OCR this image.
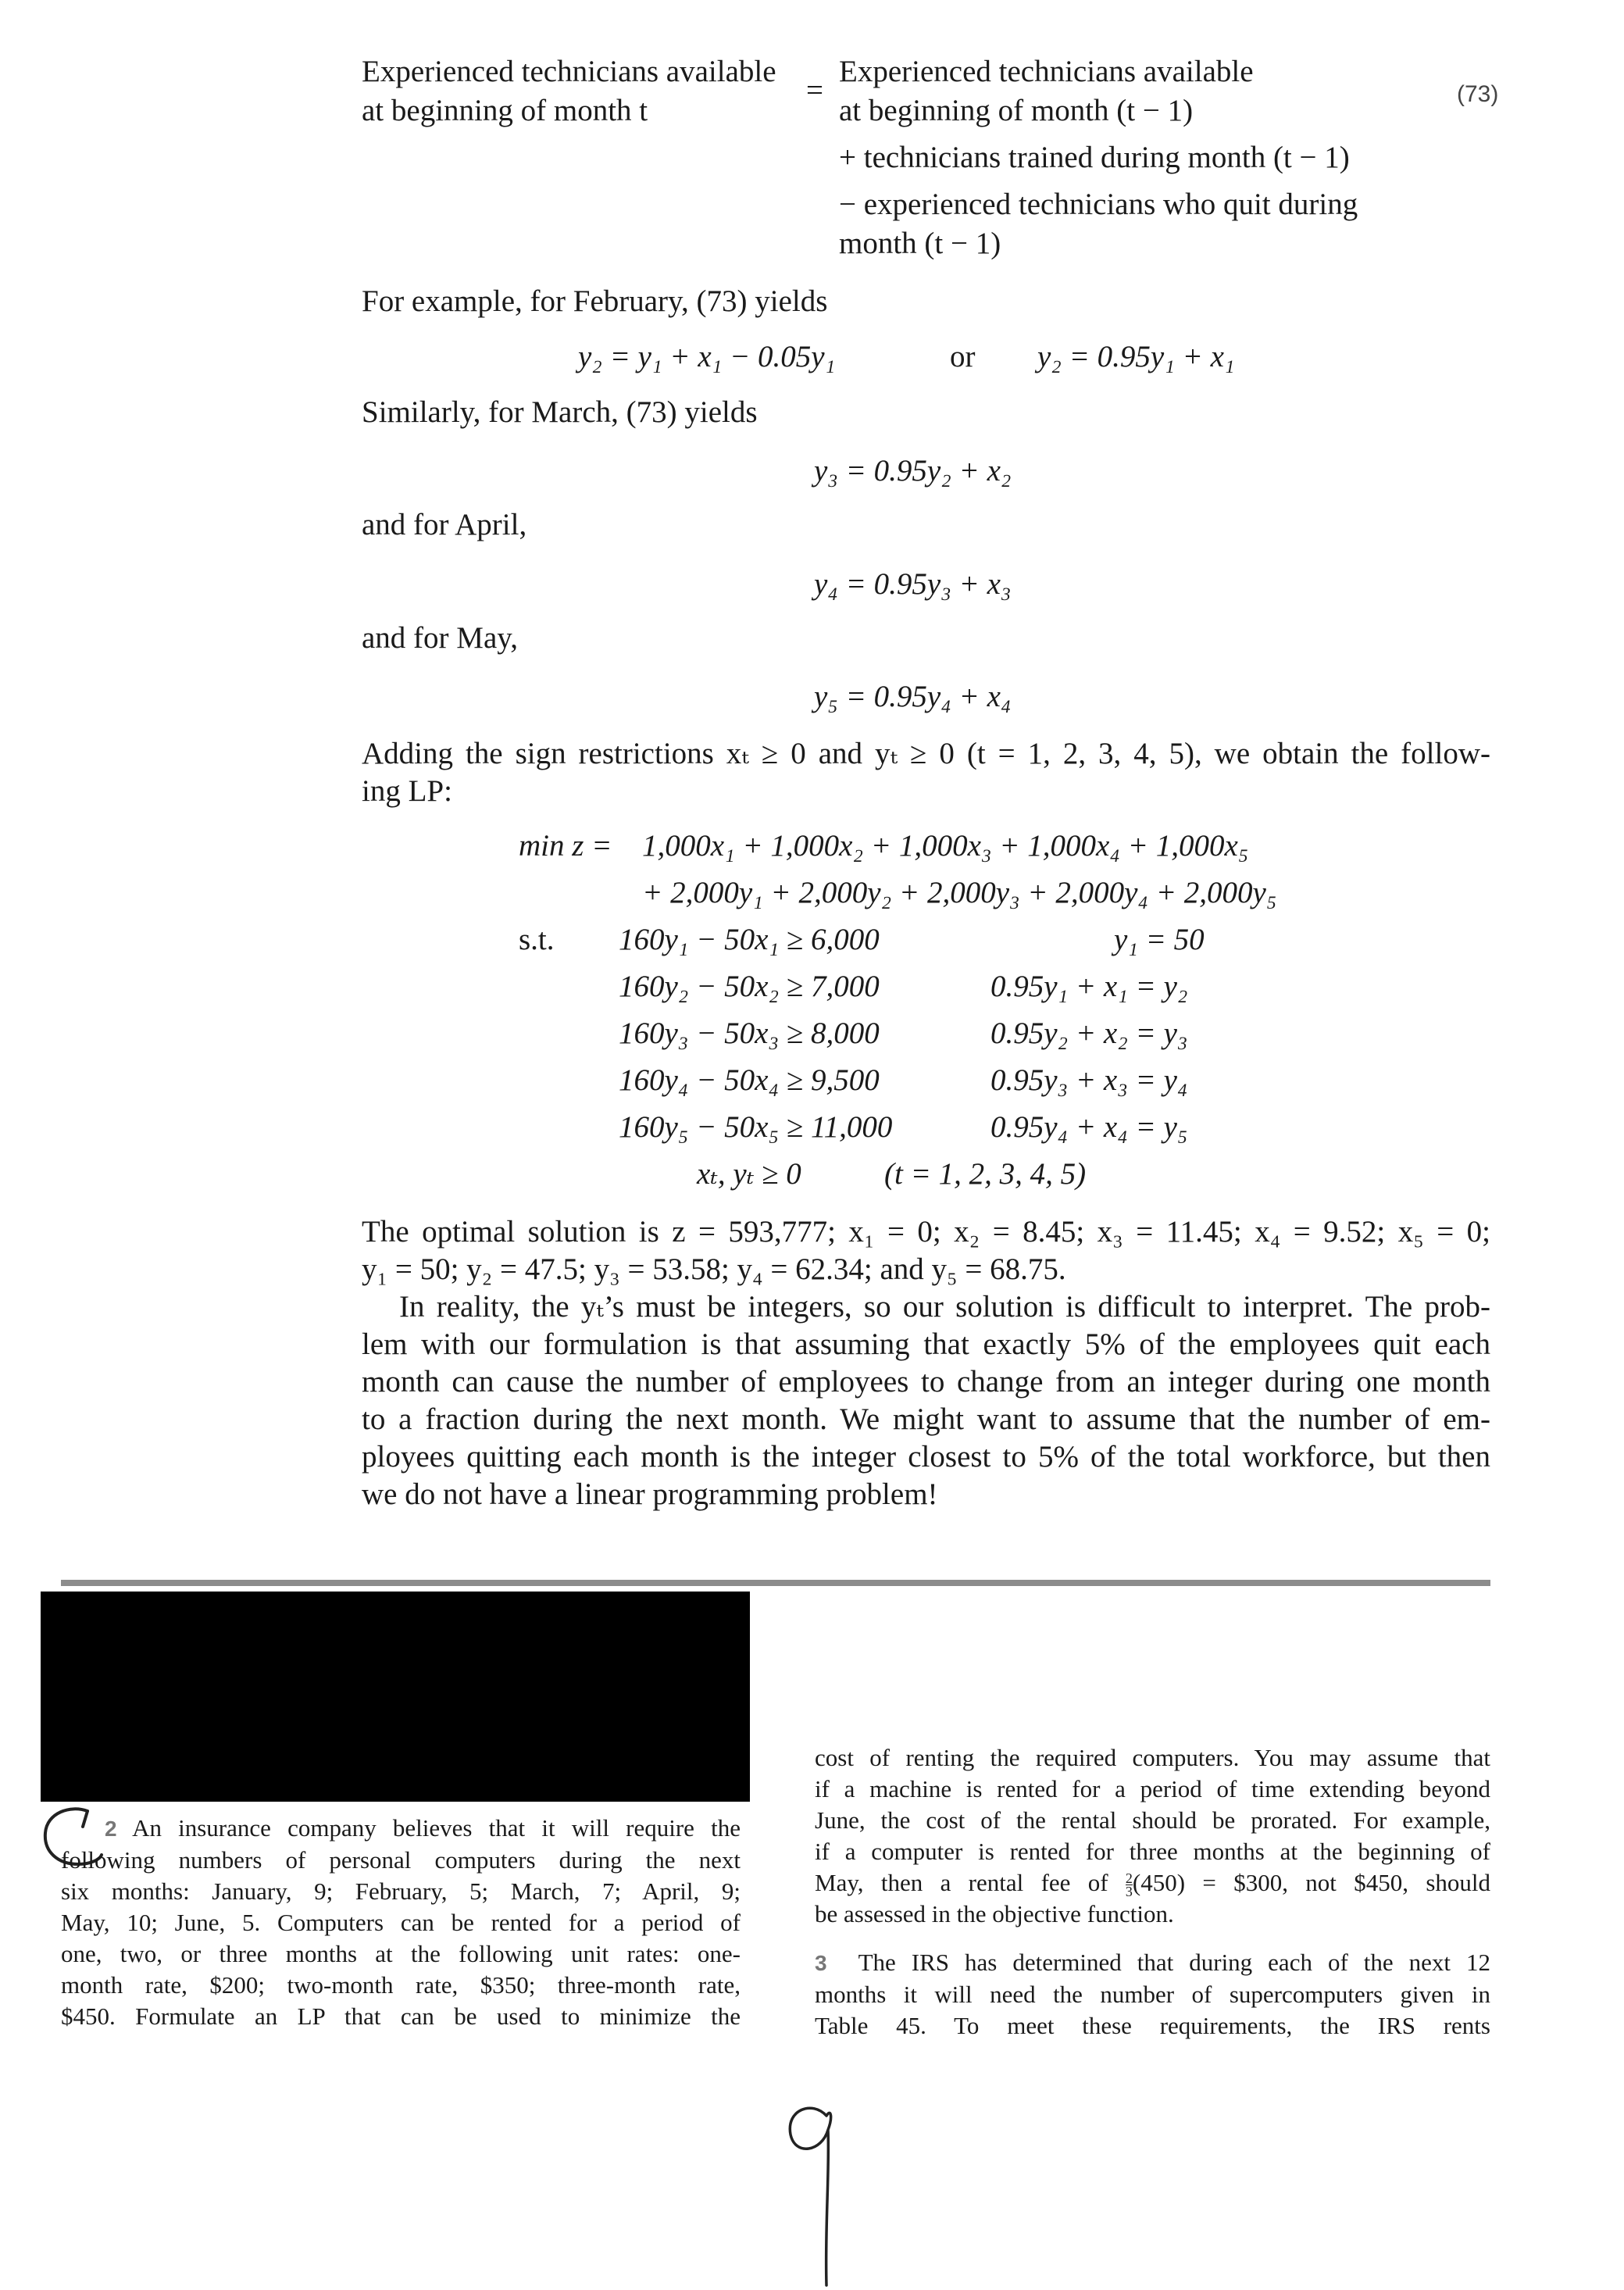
Experienced technicians available
at beginning of month t
=
Experienced technicians available
at beginning of month (t − 1)
+ technicians trained during month (t − 1)
− experienced technicians who quit during
month (t − 1)
(73)
For example, for February, (73) yields
y₂ = y₁ + x₁ − 0.05y₁	or y₂ = 0.95y₁ + x₁
Similarly, for March, (73) yields
y₃ = 0.95y₂ + x₂
and for April,
y₄ = 0.95y₃ + x₃
and for May,
y₅ = 0.95y₄ + x₄

Adding the sign restrictions xₜ ≥ 0 and yₜ ≥ 0 (t = 1, 2, 3, 4, 5), we obtain the follow-

ing LP:

min z = 1,000x₁ + 1,000x₂ + 1,000x₃ + 1,000x₄ + 1,000x₅
+ 2,000y₁ + 2,000y₂ + 2,000y₃ + 2,000y₄ + 2,000y₅
s.t. 160y₁ − 50x₁ ≥ 6,000
160y₂ − 50x₂ ≥ 7,000
160y₃ − 50x₃ ≥ 8,000
160y₄ − 50x₄ ≥ 9,500
160y₅ − 50x₅ ≥ 11,000
y₁ = 50
0.95y₁ + x₁ = y₂
0.95y₂ + x₂ = y₃
0.95y₃ + x₃ = y₄
0.95y₄ + x₄ = y₅
xₜ, yₜ ≥ 0	(t = 1, 2, 3, 4, 5)

The optimal solution is z = 593,777; x₁ = 0; x₂ = 8.45; x₃ = 11.45; x₄ = 9.52; x₅ = 0;

y₁ = 50; y₂ = 47.5; y₃ = 53.58; y₄ = 62.34; and y₅ = 68.75.

In reality, the yₜ’s must be integers, so our solution is difficult to interpret. The prob-

lem with our formulation is that assuming that exactly 5% of the employees quit each

month can cause the number of employees to change from an integer during one month

to a fraction during the next month. We might want to assume that the number of em-

ployees quitting each month is the integer closest to 5% of the total workforce, but then

we do not have a linear programming problem!

2 An insurance company believes that it will require the

following numbers of personal computers during the next

six months: January, 9; February, 5; March, 7; April, 9;

May, 10; June, 5. Computers can be rented for a period of

one, two, or three months at the following unit rates: one-

month rate, $200; two-month rate, $350; three-month rate,

$450. Formulate an LP that can be used to minimize the

cost of renting the required computers. You may assume that

if a machine is rented for a period of time extending beyond

June, the cost of the rental should be prorated. For example,

if a computer is rented for three months at the beginning of

May, then a rental fee of $\frac{2}{3} (450)$ = $300, not $450, should

be assessed in the objective function.

3 The IRS has determined that during each of the next 12

months it will need the number of supercomputers given in

Table 45. To meet these requirements, the IRS rents
